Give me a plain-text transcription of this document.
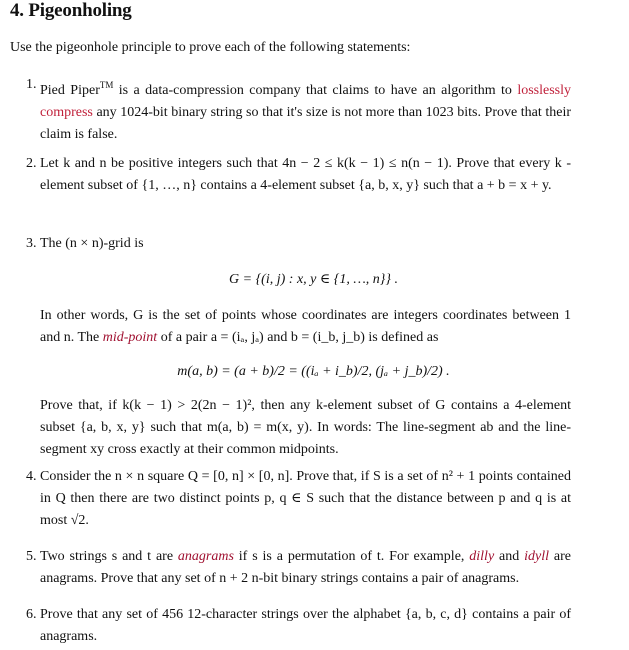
4. Pigeonholing
Use the pigeonhole principle to prove each of the following statements:
1. Pied Piper™ is a data-compression company that claims to have an algorithm to losslessly compress any 1024-bit binary string so that it's size is not more than 1023 bits. Prove that their claim is false.
2. Let k and n be positive integers such that 4n − 2 ≤ k(k − 1) ≤ n(n − 1). Prove that every k -element subset of {1, …, n} contains a 4-element subset {a, b, x, y} such that a + b = x + y.
3. The (n × n)-grid is
G = {(i, j) : x, y ∈ {1, …, n}} .
In other words, G is the set of points whose coordinates are integers coordinates between 1 and n. The mid-point of a pair a = (iₐ, jₐ) and b = (i_b, j_b) is defined as
m(a, b) = (a + b)/2 = ((iₐ + i_b)/2, (jₐ + j_b)/2) .
Prove that, if k(k − 1) > 2(2n − 1)², then any k-element subset of G contains a 4-element subset {a, b, x, y} such that m(a, b) = m(x, y). In words: The line-segment ab and the line-segment xy cross exactly at their common midpoints.
4. Consider the n × n square Q = [0, n] × [0, n]. Prove that, if S is a set of n² + 1 points contained in Q then there are two distinct points p, q ∈ S such that the distance between p and q is at most √2.
5. Two strings s and t are anagrams if s is a permutation of t. For example, dilly and idyll are anagrams. Prove that any set of n + 2 n-bit binary strings contains a pair of anagrams.
6. Prove that any set of 456 12-character strings over the alphabet {a, b, c, d} contains a pair of anagrams.
